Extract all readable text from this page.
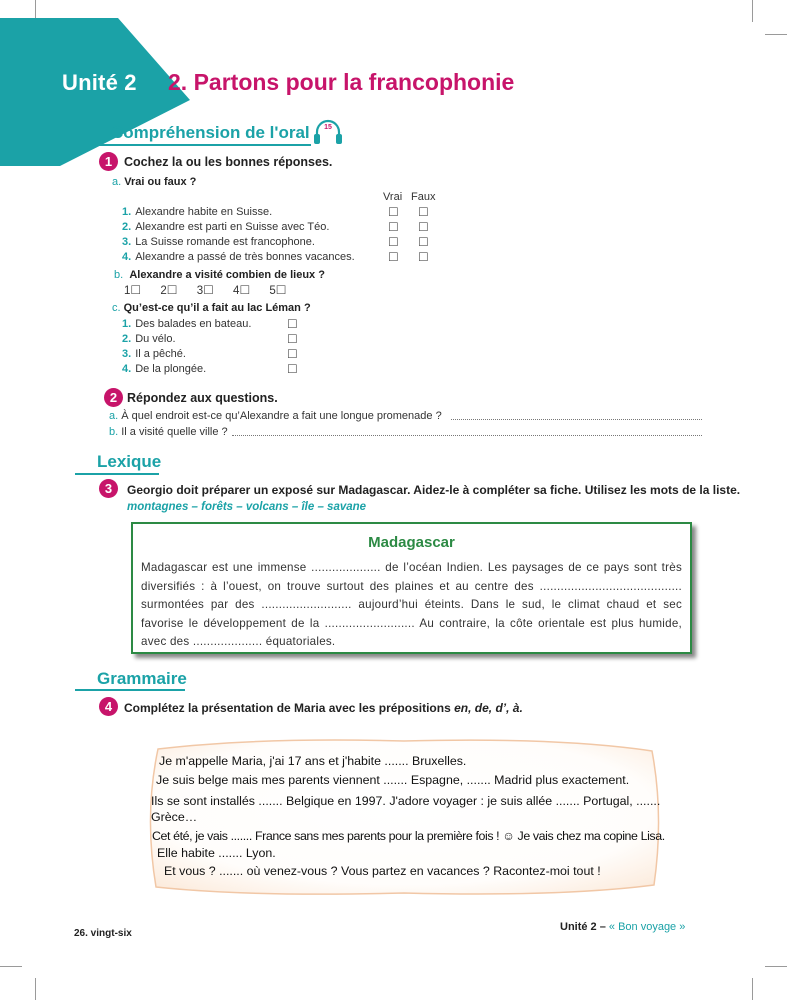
Unité 2 2. Partons pour la francophonie
Compréhension de l'oral	15
1 Cochez la ou les bonnes réponses.
a. Vrai ou faux ?
Vrai Faux
1. Alexandre habite en Suisse.
2. Alexandre est parti en Suisse avec Téo.
3. La Suisse romande est francophone.
4. Alexandre a passé de très bonnes vacances.
☐ ☐
☐ ☐
☐ ☐
☐ ☐
b. Alexandre a visité combien de lieux ?
1☐ 2☐ 3☐ 4☐ 5☐
c. Qu’est-ce qu’il a fait au lac Léman ?
1. Des balades en bateau.
2. Du vélo.
3. Il a pêché.
4. De la plongée.
☐
☐
☐
☐
2 Répondez aux questions.
a. À quel endroit est-ce qu’Alexandre a fait une longue promenade ?
b. Il a visité quelle ville ?
Lexique
3	Georgio doit préparer un exposé sur Madagascar. Aidez-le à compléter sa fiche. Utilisez les mots de la liste.
montagnes – forêts – volcans – île – savane
Madagascar
Madagascar est une immense .................... de l’océan Indien. Les paysages de ce pays sont très diversifiés : à l’ouest, on trouve surtout des plaines et au centre des ......................................... surmontées par des .......................... aujourd’hui éteints. Dans le sud, le climat chaud et sec favorise le développement de la .......................... Au contraire, la côte orientale est plus humide, avec des .................... équatoriales.
Grammaire
4 Complétez la présentation de Maria avec les prépositions en, de, d’, à.
Je m'appelle Maria, j'ai 17 ans et j'habite ....... Bruxelles.
Je suis belge mais mes parents viennent ....... Espagne, ....... Madrid plus exactement.
Ils se sont installés ....... Belgique en 1997. J'adore voyager : je suis allée ....... Portugal, .......
Grèce…
Cet été, je vais ....... France sans mes parents pour la première fois ! ☺ Je vais chez ma copine Lisa.
Elle habite ....... Lyon.
Et vous ? ....... où venez-vous ? Vous partez en vacances ? Racontez-moi tout !
26. vingt-six
Unité 2 – « Bon voyage »
